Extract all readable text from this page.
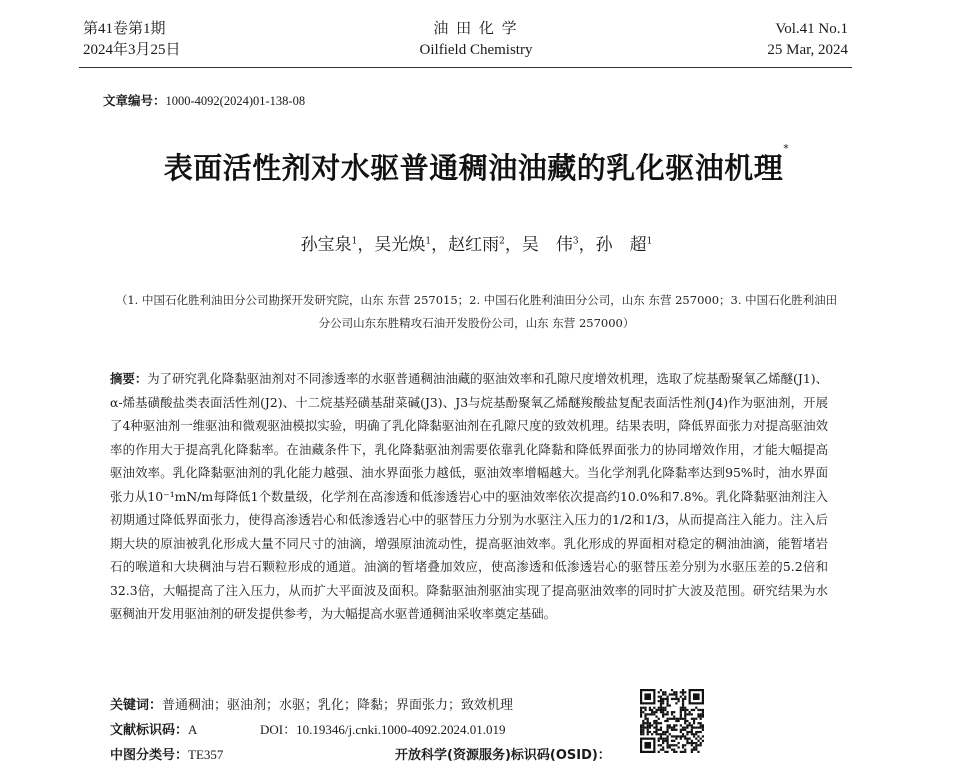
第41卷第1期
2024年3月25日
油 田 化 学
Oilfield Chemistry
Vol.41 No.1
25 Mar, 2024
文章编号：1000-4092(2024)01-138-08
表面活性剂对水驱普通稠油油藏的乳化驱油机理*
孙宝泉$^1$，吴光焕$^1$，赵红雨$^2$，吴　伟$^3$，孙　超$^1$
（1. 中国石化胜利油田分公司勘探开发研究院，山东 东营 257015；2. 中国石化胜利油田分公司，山东 东营 257000；3. 中国石化胜利油田
分公司山东东胜精攻石油开发股份公司，山东 东营 257000）
摘要：为了研究乳化降黏驱油剂对不同渗透率的水驱普通稠油油藏的驱油效率和孔隙尺度增效机理，选取了烷基酚聚氧乙烯醚(J1)、α-烯基磺酸盐类表面活性剂(J2)、十二烷基羟磺基甜菜碱(J3)、J3与烷基酚聚氧乙烯醚羧酸盐复配表面活性剂(J4)作为驱油剂，开展了4种驱油剂一维驱油和微观驱油模拟实验，明确了乳化降黏驱油剂在孔隙尺度的致效机理。结果表明，降低界面张力对提高驱油效率的作用大于提高乳化降黏率。在油藏条件下，乳化降黏驱油剂需要依靠乳化降黏和降低界面张力的协同增效作用，才能大幅提高驱油效率。乳化降黏驱油剂的乳化能力越强、油水界面张力越低，驱油效率增幅越大。当化学剂乳化降黏率达到95%时，油水界面张力从10⁻¹mN/m每降低1个数量级，化学剂在高渗透和低渗透岩心中的驱油效率依次提高约10.0%和7.8%。乳化降黏驱油剂注入初期通过降低界面张力，使得高渗透岩心和低渗透岩心中的驱替压力分别为水驱注入压力的1/2和1/3，从而提高注入能力。注入后期大块的原油被乳化形成大量不同尺寸的油滴，增强原油流动性，提高驱油效率。乳化形成的界面相对稳定的稠油油滴，能暂堵岩石的喉道和大块稠油与岩石颗粒形成的通道。油滴的暂堵叠加效应，使高渗透和低渗透岩心的驱替压差分别为水驱压差的5.2倍和32.3倍，大幅提高了注入压力，从而扩大平面波及面积。降黏驱油剂驱油实现了提高驱油效率的同时扩大波及范围。研究结果为水驱稠油开发用驱油剂的研发提供参考，为大幅提高水驱普通稠油采收率奠定基础。
关键词：普通稠油；驱油剂；水驱；乳化；降黏；界面张力；致效机理
文献标识码：A	DOI：10.19346/j.cnki.1000-4092.2024.01.019
中图分类号：TE357	开放科学(资源服务)标识码(OSID)：
